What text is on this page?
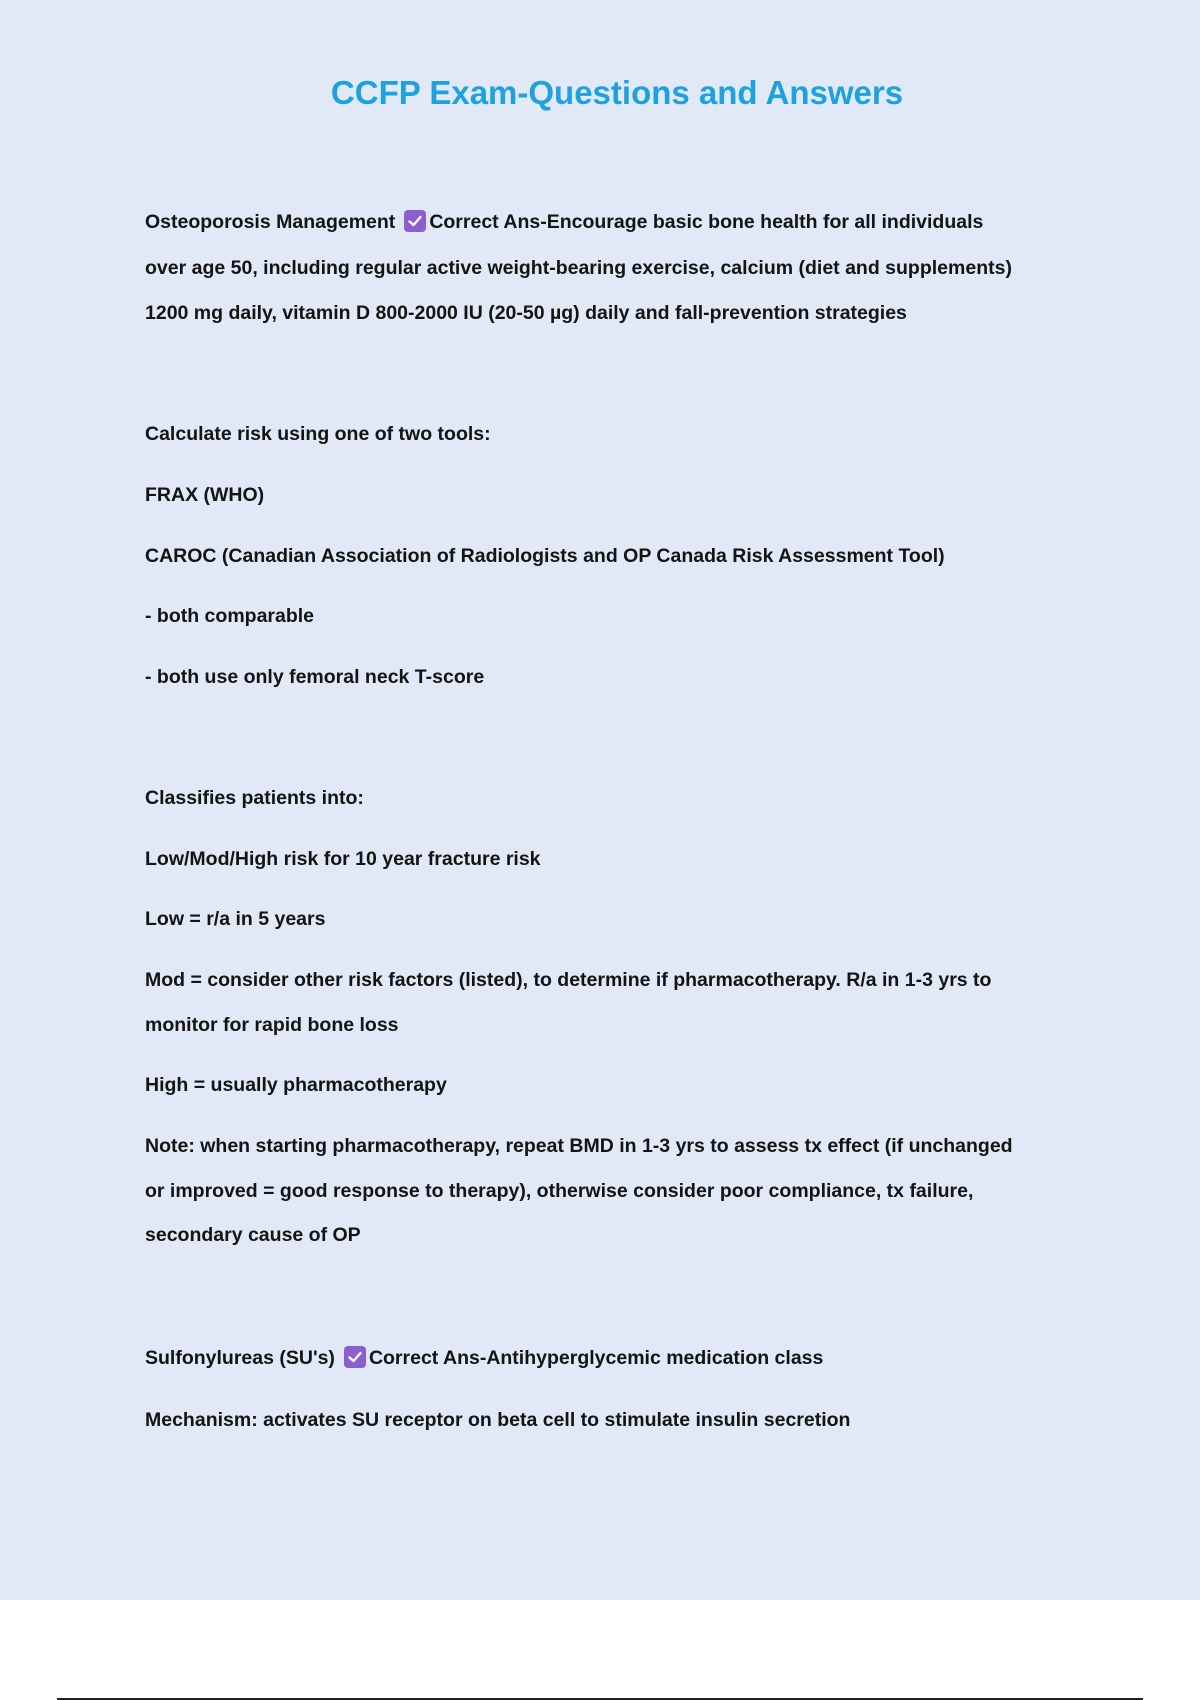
CCFP Exam-Questions and Answers
Osteoporosis Management Correct Ans-Encourage basic bone health for all individuals
over age 50, including regular active weight-bearing exercise, calcium (diet and supplements)
1200 mg daily, vitamin D 800-2000 IU (20-50 µg) daily and fall-prevention strategies
Calculate risk using one of two tools:
FRAX (WHO)
CAROC (Canadian Association of Radiologists and OP Canada Risk Assessment Tool)
- both comparable
- both use only femoral neck T-score
Classifies patients into:
Low/Mod/High risk for 10 year fracture risk
Low = r/a in 5 years
Mod = consider other risk factors (listed), to determine if pharmacotherapy. R/a in 1-3 yrs to
monitor for rapid bone loss
High = usually pharmacotherapy
Note: when starting pharmacotherapy, repeat BMD in 1-3 yrs to assess tx effect (if unchanged
or improved = good response to therapy), otherwise consider poor compliance, tx failure,
secondary cause of OP
Sulfonylureas (SU's) Correct Ans-Antihyperglycemic medication class
Mechanism: activates SU receptor on beta cell to stimulate insulin secretion
